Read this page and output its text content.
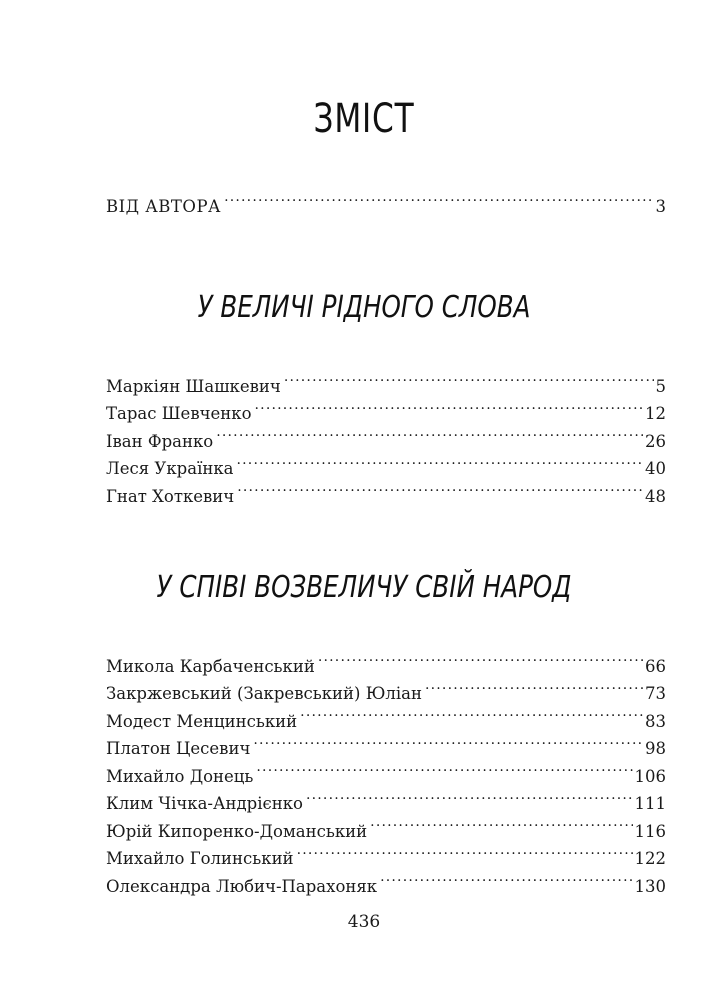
ЗМІСТ
ВІД АВТОРА .....	3
У ВЕЛИЧІ РІДНОГО СЛОВА
Маркіян Шашкевич .....	5
Тарас Шевченко .....	12
Іван Франко .....	26
Леся Українка .....	40
Гнат Хоткевич .....	48
У СПІВІ ВОЗВЕЛИЧУ СВІЙ НАРОД
Микола Карбаченський .....	66
Закржевський (Закревський) Юліан .....	73
Модест Менцинський .....	83
Платон Цесевич .....	98
Михайло Донець .....	106
Клим Чічка-Андрієнко .....	111
Юрій Кипоренко-Доманський .....	116
Михайло Голинський .....	122
Олександра Любич-Парахоняк .....	130
436
